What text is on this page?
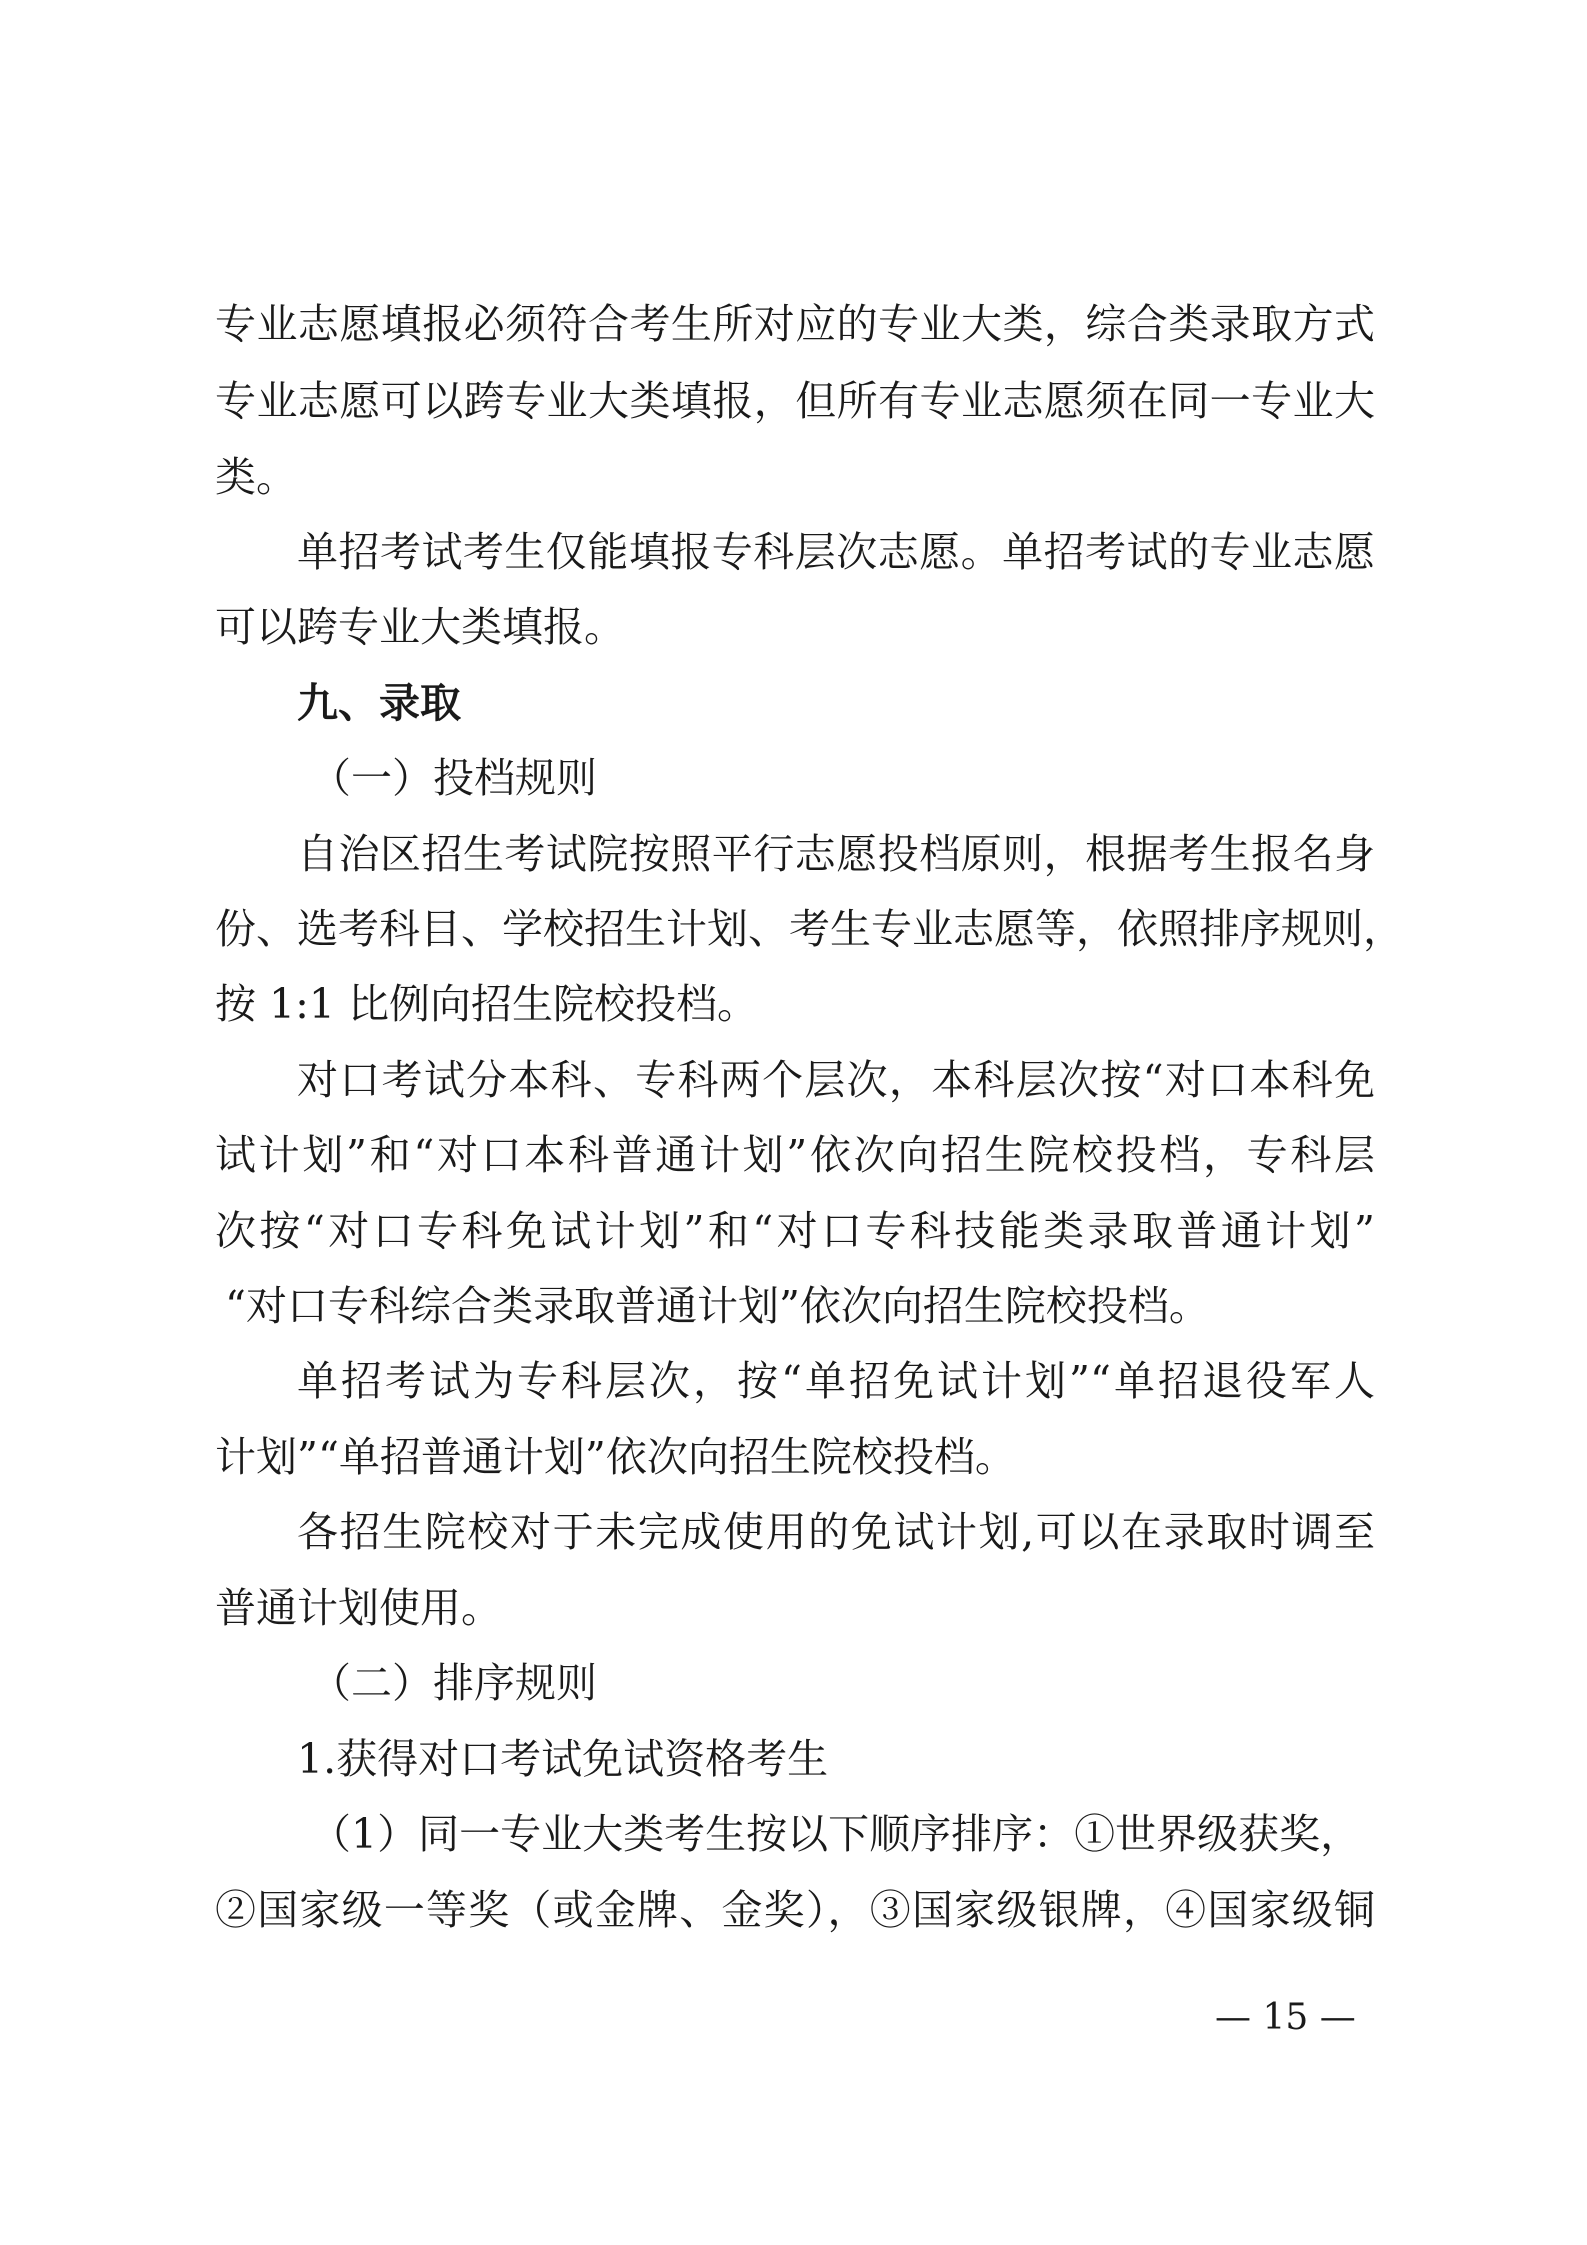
专业志愿填报必须符合考生所对应的专业大类，综合类录取方式
专业志愿可以跨专业大类填报，但所有专业志愿须在同一专业大
类。
单招考试考生仅能填报专科层次志愿。单招考试的专业志愿
可以跨专业大类填报。
九、录取
（一）投档规则
自治区招生考试院按照平行志愿投档原则，根据考生报名身
份、选考科目、学校招生计划、考生专业志愿等，依照排序规则，
按 1:1 比例向招生院校投档。
对口考试分本科、专科两个层次，本科层次按“对口本科免
试计划”和“对口本科普通计划”依次向招生院校投档，专科层
次按“对口专科免试计划”和“对口专科技能类录取普通计划”
“对口专科综合类录取普通计划”依次向招生院校投档。
单招考试为专科层次，按“单招免试计划”“单招退役军人
计划”“单招普通计划”依次向招生院校投档。
各招生院校对于未完成使用的免试计划,可以在录取时调至
普通计划使用。
（二）排序规则
1.获得对口考试免试资格考生
（1）同一专业大类考生按以下顺序排序：①世界级获奖，
②国家级一等奖（或金牌、金奖），③国家级银牌，④国家级铜
— 15 —
